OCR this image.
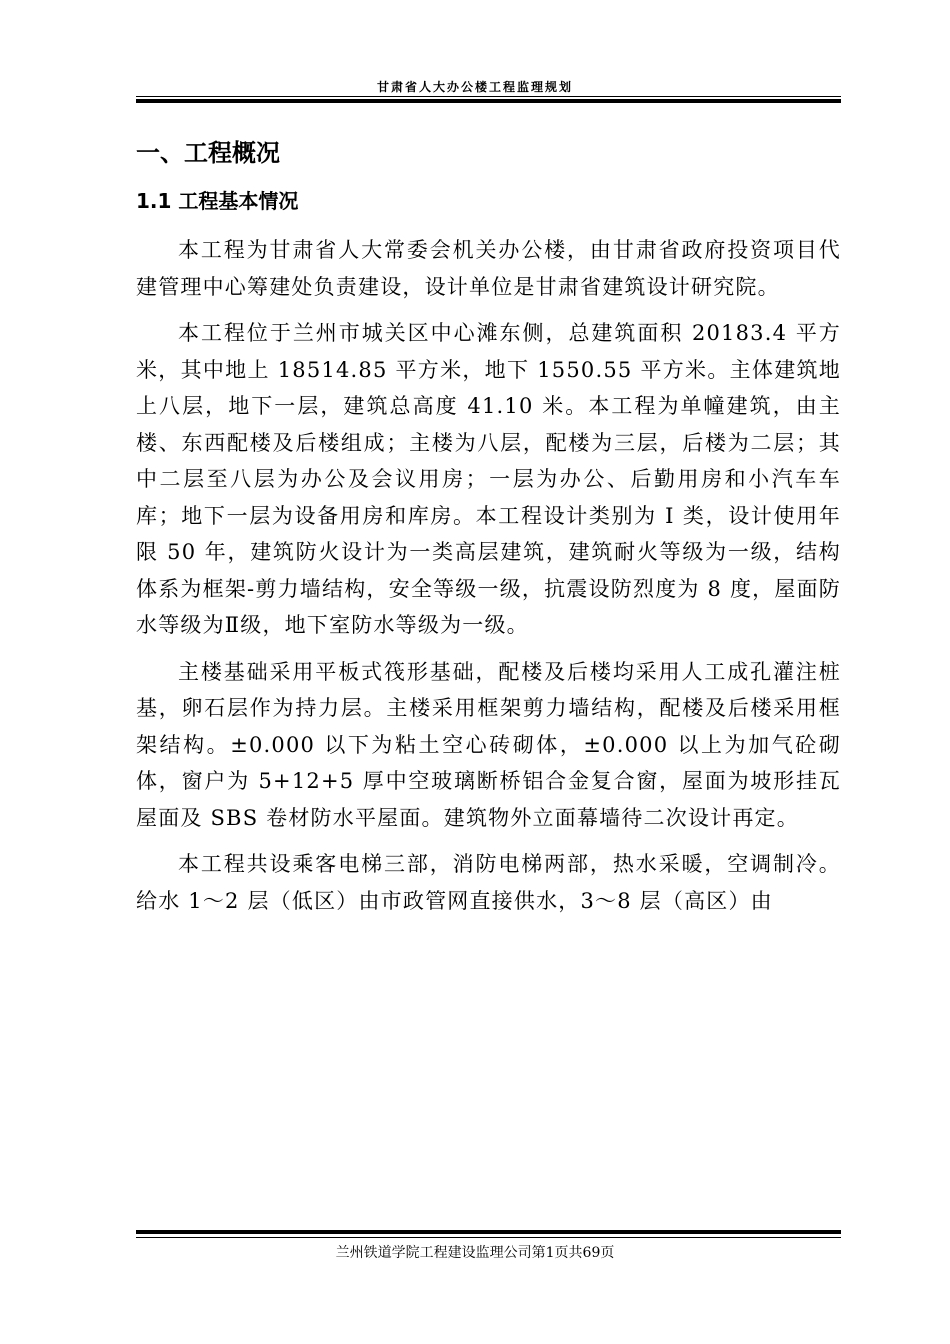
甘肃省人大办公楼工程监理规划
一、工程概况
1.1 工程基本情况

本工程为甘肃省人大常委会机关办公楼，由甘肃省政府投资项目代建管理中心筹建处负责建设，设计单位是甘肃省建筑设计研究院。

本工程位于兰州市城关区中心滩东侧，总建筑面积 20183.4 平方米，其中地上 18514.85 平方米，地下 1550.55 平方米。主体建筑地上八层，地下一层，建筑总高度 41.10 米。本工程为单幢建筑，由主楼、东西配楼及后楼组成；主楼为八层，配楼为三层，后楼为二层；其中二层至八层为办公及会议用房；一层为办公、后勤用房和小汽车车库；地下一层为设备用房和库房。本工程设计类别为 I 类，设计使用年限 50 年，建筑防火设计为一类高层建筑，建筑耐火等级为一级，结构体系为框架-剪力墙结构，安全等级一级，抗震设防烈度为 8 度，屋面防水等级为Ⅱ级，地下室防水等级为一级。

主楼基础采用平板式筏形基础，配楼及后楼均采用人工成孔灌注桩基，卵石层作为持力层。主楼采用框架剪力墙结构，配楼及后楼采用框架结构。±0.000 以下为粘土空心砖砌体，±0.000 以上为加气砼砌体，窗户为 5+12+5 厚中空玻璃断桥铝合金复合窗，屋面为坡形挂瓦屋面及 SBS 卷材防水平屋面。建筑物外立面幕墙待二次设计再定。

本工程共设乘客电梯三部，消防电梯两部，热水采暖，空调制冷。给水 1～2 层（低区）由市政管网直接供水，3～8 层（高区）由

兰州铁道学院工程建设监理公司第1页共69页
